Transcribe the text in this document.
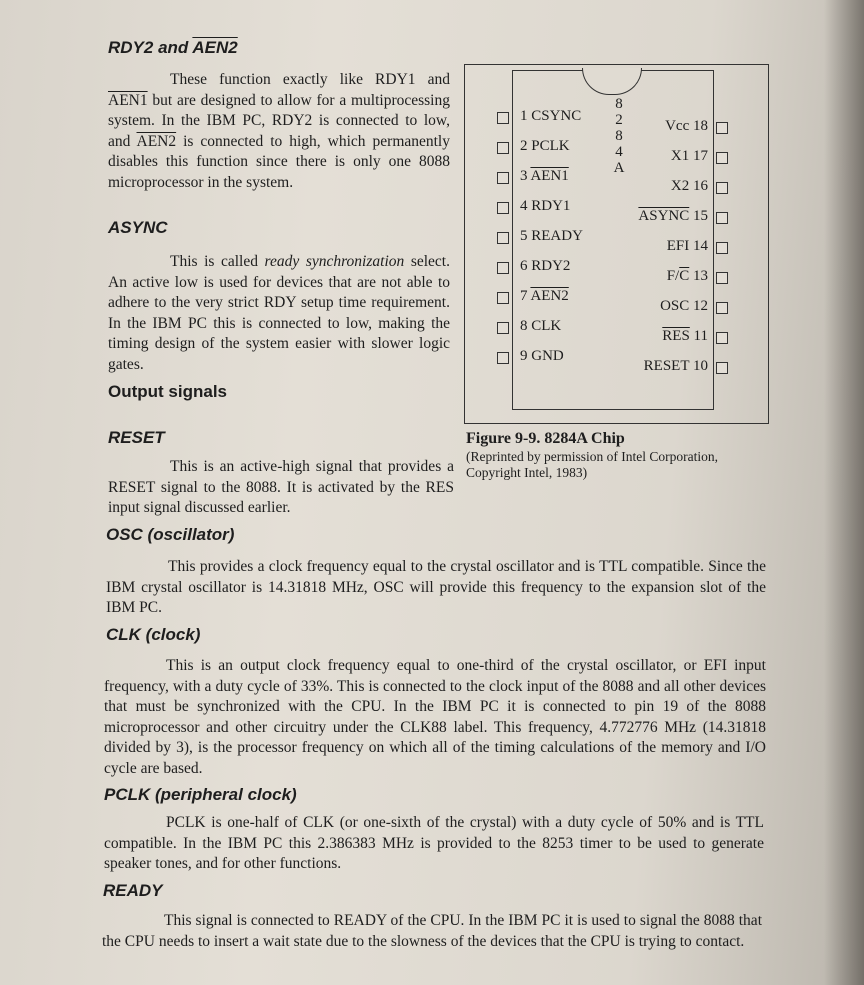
RDY2 and AEN2

These function exactly like RDY1 and AEN1 but are designed to allow for a multiprocessing system. In the IBM PC, RDY2 is connected to low, and AEN2 is connected to high, which permanently disables this function since there is only one 8088 microprocessor in the system.

ASYNC

This is called ready synchronization select. An active low is used for devices that are not able to adhere to the very strict RDY setup time requirement. In the IBM PC this is connected to low, making the timing design of the system easier with slower logic gates.

Output signals
RESET

This is an active-high signal that provides a RESET signal to the 8088. It is activated by the RES input signal discussed earlier.

OSC (oscillator)

This provides a clock frequency equal to the crystal oscillator and is TTL compatible. Since the IBM crystal oscillator is 14.31818 MHz, OSC will provide this frequency to the expansion slot of the IBM PC.

CLK (clock)

This is an output clock frequency equal to one-third of the crystal oscillator, or EFI input frequency, with a duty cycle of 33%. This is connected to the clock input of the 8088 and all other devices that must be synchronized with the CPU. In the IBM PC it is connected to pin 19 of the 8088 microprocessor and other circuitry under the CLK88 label. This frequency, 4.772776 MHz (14.31818 divided by 3), is the processor frequency on which all of the timing calculations of the memory and I/O cycle are based.

PCLK (peripheral clock)

PCLK is one-half of CLK (or one-sixth of the crystal) with a duty cycle of 50% and is TTL compatible. In the IBM PC this 2.386383 MHz is provided to the 8253 timer to be used to generate speaker tones, and for other functions.

READY

This signal is connected to READY of the CPU. In the IBM PC it is used to signal the 8088 that the CPU needs to insert a wait state due to the slowness of the devices that the CPU is trying to contact.

8
2
8
4
A
1 CSYNC
2 PCLK
3 AEN1
4 RDY1
5 READY
6 RDY2
7 AEN2
8 CLK
9 GND
Vcc 18
X1 17
X2 16
ASYNC 15
EFI 14
$F/\overline{C}$ 13
OSC 12
$\overline{RES}$ 11
RESET 10
Figure 9-9. 8284A Chip
(Reprinted by permission of Intel Corporation,
Copyright Intel, 1983)
